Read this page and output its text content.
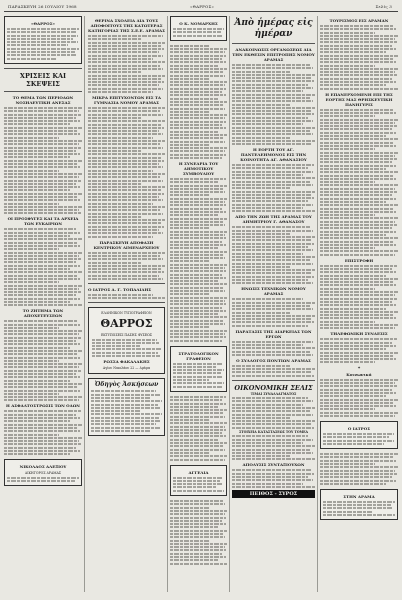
ΠΑΡΑΣΚΕΥΗ 26 ΙΟΥΛΙΟΥ 1968	«ΘΑΡΡΟΣ»	Σελίς 3
«ΘΑΡΡΟΣ»
ΧΡΙΣΕΙΣ ΚΑΙ ΣΚΕΨΕΙΣ
ΤΟ ΘΕΜΑ ΤΩΝ ΠΕΡΙΟΔΩΝ ΝΟΣΗΛΕΥΤΙΚΗ ΑΝΕΣΑΣ
ΟΙ ΠΡΟΣΦΥΓΕΣ ΚΑΙ ΤΑ ΑΡΧΕΙΑ ΤΩΝ ΕΥΚΑΙΡΙΩΝ
ΤΟ ΖΗΤΗΜΑ ΤΩΝ ΑΠΟΧΕΤΕΥΣΕΩΝ
Η ΑΣΦΑΛΤΟΣΤΡΩΣΙΣ ΤΩΝ ΟΔΩΝ
ΝΙΚΟΛΑΟΣ ΑΛΕΞΙΟΥ
ΔΙΚΗΓΟΡΟΣ ΔΡΑΜΑΣ
ΘΕΡΙΝΑ ΣΧΟΛΕΙΑ ΔΙΑ ΤΟΥΣ ΑΠΟΦΟΙΤΟΥΣ ΤΗΣ ΚΑΤΩΤΕΡΑΣ ΚΑΤΗΓΟΡΙΑΣ ΤΗΣ Σ.Ε.Ε. ΔΡΑΜΑΣ
ΜΙΚΡΑ ΕΠΙΤΥΧΟΝΤΩΝ ΕΙΣ ΤΑ ΓΥΜΝΑΣΙΑ ΝΟΜΟΥ ΔΡΑΜΑΣ
ΠΑΡΑΣΚΕΥΗ ΑΠΟΦΑΣΗ ΚΕΝΤΡΙΚΟΥ ΛΙΜΕΝΑΡΧΕΙΟΥ
Ο ΙΑΤΡΟΣ Α. Γ. ΤΟΠΑΛΙΔΗΣ
ΕΛΛΗΝΙΚΟΝ ΤΥΠΟΓΡΑΦΕΙΟΝ
ΘΑΡΡΟΣ
ΕΚΤΥΠΩΣΕΙΣ ΠΑΣΗΣ ΦΥΣΕΩΣ
ΡΩΣΣΑ ΦΑΚΑΛΑΚΗΣ
Αγίου Νικολάου 22 — Δράμα
Ὁδηγὸς Ἀσκήσεων
Ο Κ. ΝΟΜΑΡΧΗΣ
Η ΣΥΝΕΔΡΙΑ ΤΟΥ ΔΗΜΟΤΙΚΟΥ ΣΥΜΒΟΥΛΙΟΥ
ΣΤΡΑΤΟΛΟΓΙΚΟΝ ΓΡΑΦΕΙΟΝ
ΑΓΓΕΛΙΑ
Ἀπὸ ἡμέρας εἰς ἡμέραν
ΑΝΑΚΟΙΝΩΣΙΣ ΟΡΓΑΝΩΣΕΩΣ ΔΙΑ ΤΗΝ ΕΚΘΕΣΙΝ ΕΠΙΤΡΟΠΗΣ ΝΟΜΟΥ ΔΡΑΜΑΣ
Η ΕΟΡΤΗ ΤΟΥ ΑΓ. ΠΑΝΤΕΛΕΗΜΟΝΟΣ ΕΙΣ ΤΗΝ ΚΟΙΝΟΤΗΤΑ ΑΓ. ΑΘΑΝΑΣΙΟΥ
ΑΠΟ ΤΗΝ ΖΩΗ ΤΗΣ ΔΡΑΜΑΣ ΤΟΥ ΔΗΜΗΤΡΙΟΥ Γ. ΑΘΑΝΑΣΟΥ
ΗΝΩΣΙΣ ΤΕΧΝΙΚΩΝ ΝΟΜΟΥ ΔΡΑΜΑΣ
ΠΑΡΑΤΑΣΙΣ ΤΗΣ ΔΙΑΡΚΕΙΑΣ ΤΩΝ ΕΡΓΩΝ
Ο ΣΥΛΛΟΓΟΣ ΠΟΝΤΙΩΝ ΔΡΑΜΑΣ
ΟΙΚΟΝΟΜΙΚΗ ΣΕΛΙΣ
ΤΙΜΑΙ ΣΥΝΑΛΛΑΓΜΑΤΟΣ
ΣΤΟΙΧΕΙΑ ΚΑΤΑΣΤΑΣΕΩΣ ΤΟΥ ΤΟΜΕΑ
ΑΠΟΛΥΣΙΣ ΣΥΝΤΑΞΙΟΥΧΩΝ
ΠΕΙΘΟΣ - ΣΥΡΟΣ
ΤΟΥΡΙΣΜΟΣ ΕΙΣ ΔΡΑΜΑΝ
Η ΕΠΑΝΕΡΧΟΜΕΝΗ ΕΠΙ ΤΗΣ ΕΟΡΤΗΣ ΜΑΣ ΘΡΗΣΚΕΥΤΙΚΗ ΠΑΝΗΓΥΡΙΣ
ΕΠΙΣΤΡΟΦΗ
ΤΗΛΕΦΩΝΙΚΗ ΣΥΝΔΕΣΙΣ
✦
Κοινωνικά
Ο ΙΑΤΡΟΣ
ΣΤΗΝ ΔΡΑΜΑ
